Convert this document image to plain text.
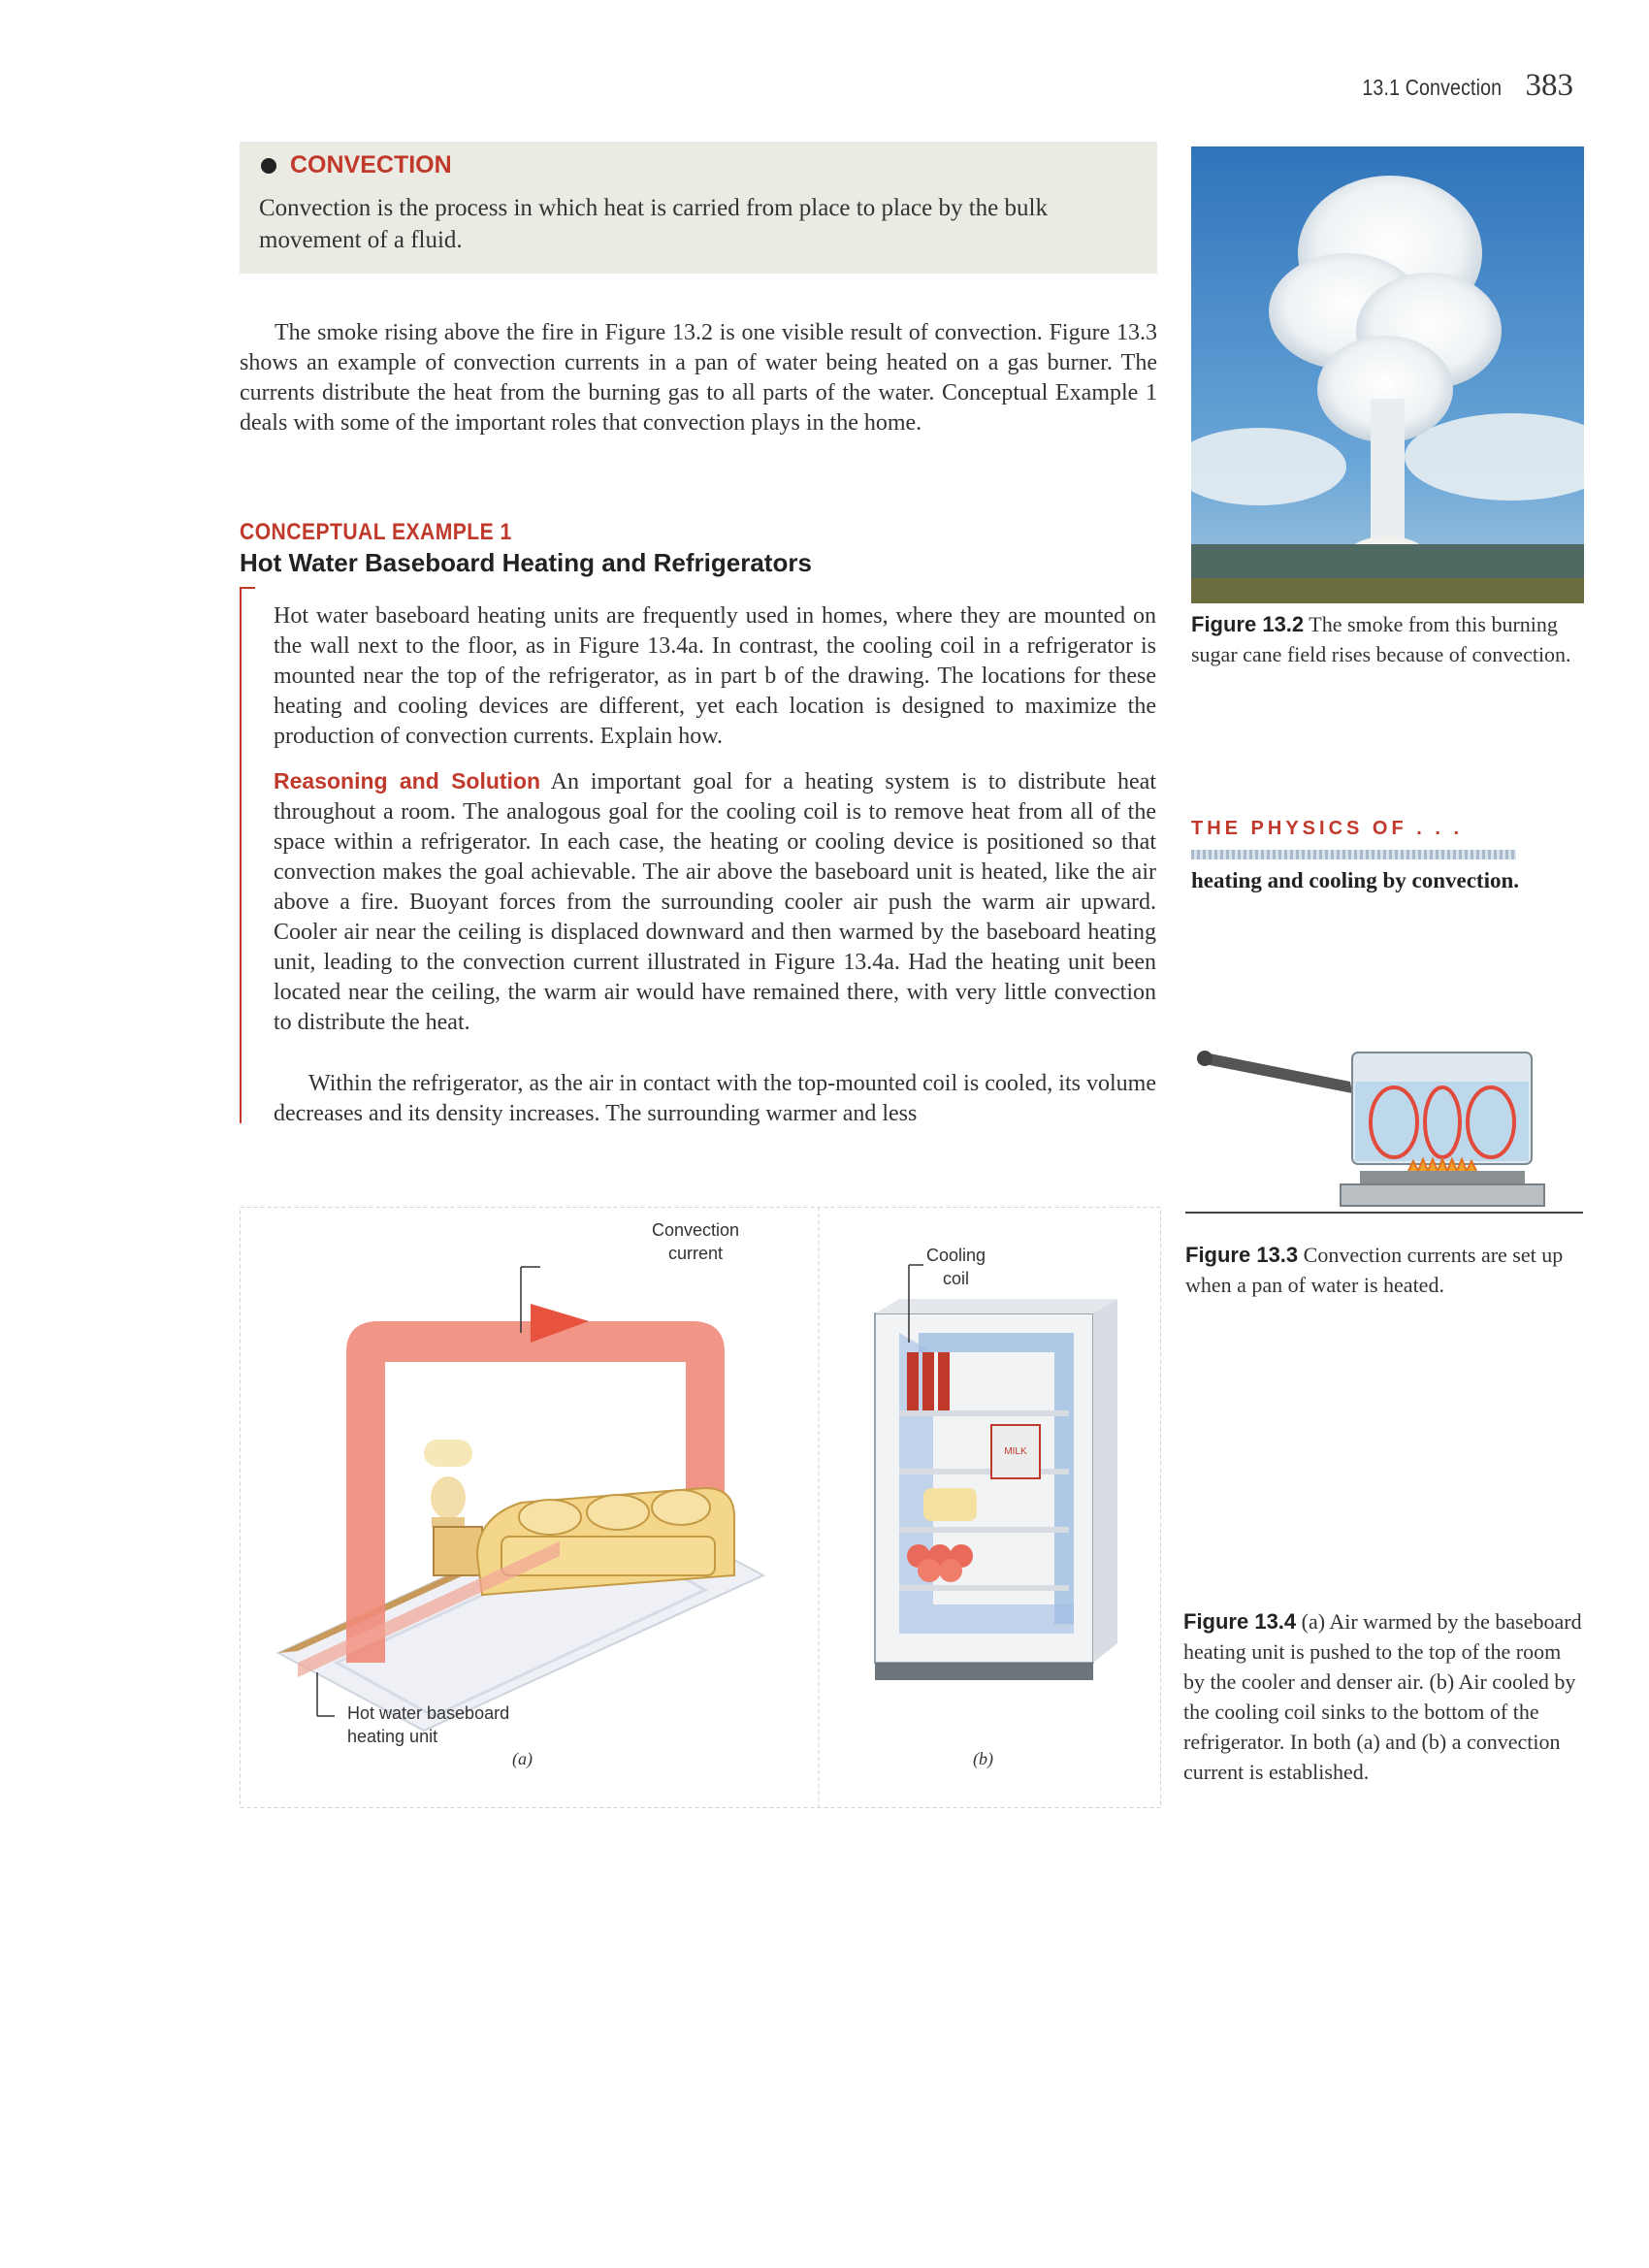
13.1 Convection 383
CONVECTION
Convection is the process in which heat is carried from place to place by the bulk movement of a fluid.
The smoke rising above the fire in Figure 13.2 is one visible result of convection. Figure 13.3 shows an example of convection currents in a pan of water being heated on a gas burner. The currents distribute the heat from the burning gas to all parts of the water. Conceptual Example 1 deals with some of the important roles that convection plays in the home.
CONCEPTUAL EXAMPLE 1
Hot Water Baseboard Heating and Refrigerators
Hot water baseboard heating units are frequently used in homes, where they are mounted on the wall next to the floor, as in Figure 13.4a. In contrast, the cooling coil in a refrigerator is mounted near the top of the refrigerator, as in part b of the drawing. The locations for these heating and cooling devices are different, yet each location is designed to maximize the production of convection currents. Explain how.
Reasoning and Solution An important goal for a heating system is to distribute heat throughout a room. The analogous goal for the cooling coil is to remove heat from all of the space within a refrigerator. In each case, the heating or cooling device is positioned so that convection makes the goal achievable. The air above the baseboard unit is heated, like the air above a fire. Buoyant forces from the surrounding cooler air push the warm air upward. Cooler air near the ceiling is displaced downward and then warmed by the baseboard heating unit, leading to the convection current illustrated in Figure 13.4a. Had the heating unit been located near the ceiling, the warm air would have remained there, with very little convection to distribute the heat.
Within the refrigerator, as the air in contact with the top-mounted coil is cooled, its volume decreases and its density increases. The surrounding warmer and less
Figure 13.2 The smoke from this burning sugar cane field rises because of convection.
THE PHYSICS OF . . .
heating and cooling by convection.
Figure 13.3 Convection currents are set up when a pan of water is heated.
MILK
Convection
current	Cooling
coil
Hot water baseboard
heating unit
(a)	(b)
Figure 13.4 (a) Air warmed by the baseboard heating unit is pushed to the top of the room by the cooler and denser air. (b) Air cooled by the cooling coil sinks to the bottom of the refrigerator. In both (a) and (b) a convection current is established.
